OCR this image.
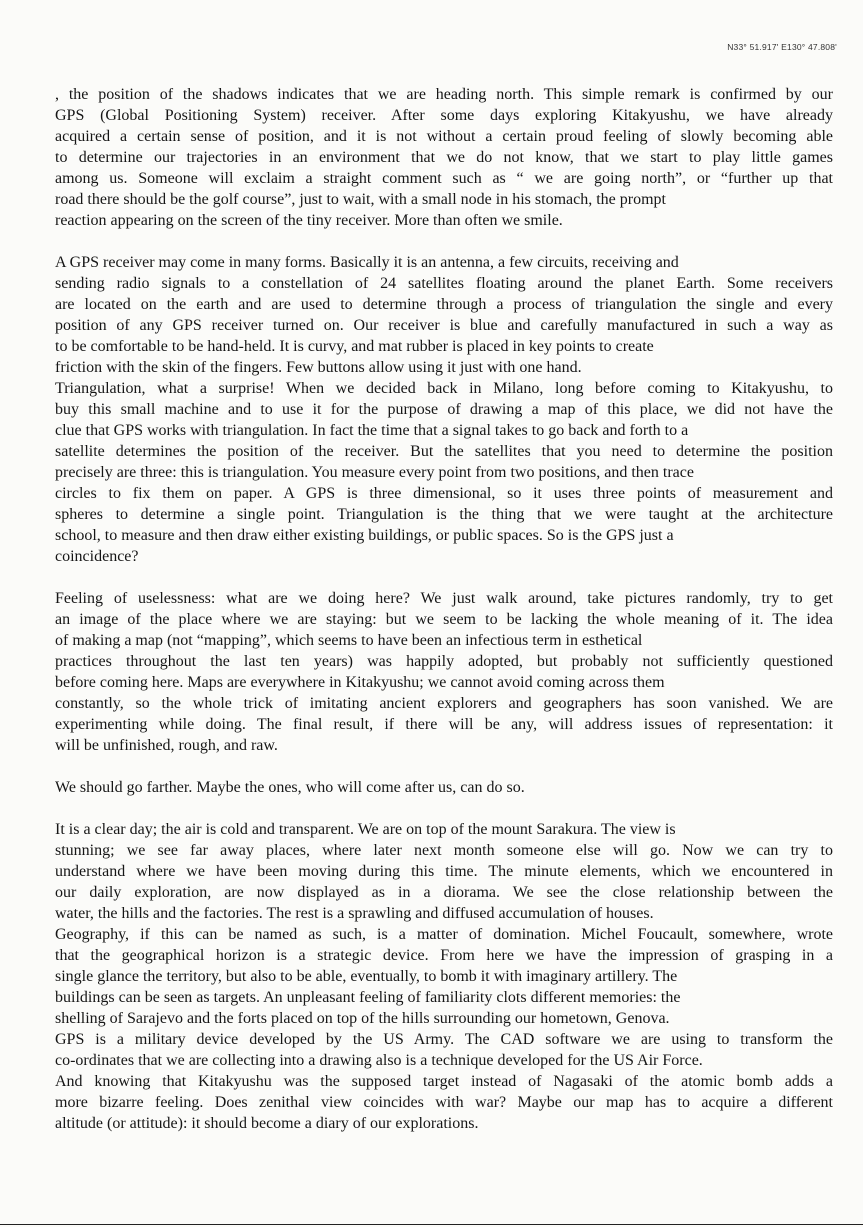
N33° 51.917' E130° 47.808'
, the position of the shadows indicates that we are heading north. This simple remark is confirmed by our
GPS (Global Positioning System) receiver. After some days exploring Kitakyushu, we have already
acquired a certain sense of position, and it is not without a certain proud feeling of slowly becoming able
to determine our trajectories in an environment that we do not know, that we start to play little games
among us. Someone will exclaim a straight comment such as “ we are going north”, or “further up that
road there should be the golf course”, just to wait, with a small node in his stomach, the prompt
reaction appearing on the screen of the tiny receiver. More than often we smile.
A GPS receiver may come in many forms. Basically it is an antenna, a few circuits, receiving and
sending radio signals to a constellation of 24 satellites floating around the planet Earth. Some receivers
are located on the earth and are used to determine through a process of triangulation the single and every
position of any GPS receiver turned on. Our receiver is blue and carefully manufactured in such a way as
to be comfortable to be hand-held. It is curvy, and mat rubber is placed in key points to create
friction with the skin of the fingers. Few buttons allow using it just with one hand.
Triangulation, what a surprise! When we decided back in Milano, long before coming to Kitakyushu, to
buy this small machine and to use it for the purpose of drawing a map of this place, we did not have the
clue that GPS works with triangulation. In fact the time that a signal takes to go back and forth to a
satellite determines the position of the receiver. But the satellites that you need to determine the position
precisely are three: this is triangulation. You measure every point from two positions, and then trace
circles to fix them on paper. A GPS is three dimensional, so it uses three points of measurement and
spheres to determine a single point. Triangulation is the thing that we were taught at the architecture
school, to measure and then draw either existing buildings, or public spaces. So is the GPS just a
coincidence?
Feeling of uselessness: what are we doing here? We just walk around, take pictures randomly, try to get
an image of the place where we are staying: but we seem to be lacking the whole meaning of it. The idea
of making a map (not “mapping”, which seems to have been an infectious term in esthetical
practices throughout the last ten years) was happily adopted, but probably not sufficiently questioned
before coming here. Maps are everywhere in Kitakyushu; we cannot avoid coming across them
constantly, so the whole trick of imitating ancient explorers and geographers has soon vanished. We are
experimenting while doing. The final result, if there will be any, will address issues of representation: it
will be unfinished, rough, and raw.
We should go farther. Maybe the ones, who will come after us, can do so.
It is a clear day; the air is cold and transparent. We are on top of the mount Sarakura. The view is
stunning; we see far away places, where later next month someone else will go. Now we can try to
understand where we have been moving during this time. The minute elements, which we encountered in
our daily exploration, are now displayed as in a diorama. We see the close relationship between the
water, the hills and the factories. The rest is a sprawling and diffused accumulation of houses.
Geography, if this can be named as such, is a matter of domination. Michel Foucault, somewhere, wrote
that the geographical horizon is a strategic device. From here we have the impression of grasping in a
single glance the territory, but also to be able, eventually, to bomb it with imaginary artillery. The
buildings can be seen as targets. An unpleasant feeling of familiarity clots different memories: the
shelling of Sarajevo and the forts placed on top of the hills surrounding our hometown, Genova.
GPS is a military device developed by the US Army. The CAD software we are using to transform the
co-ordinates that we are collecting into a drawing also is a technique developed for the US Air Force.
And knowing that Kitakyushu was the supposed target instead of Nagasaki of the atomic bomb adds a
more bizarre feeling. Does zenithal view coincides with war? Maybe our map has to acquire a different
altitude (or attitude): it should become a diary of our explorations.
